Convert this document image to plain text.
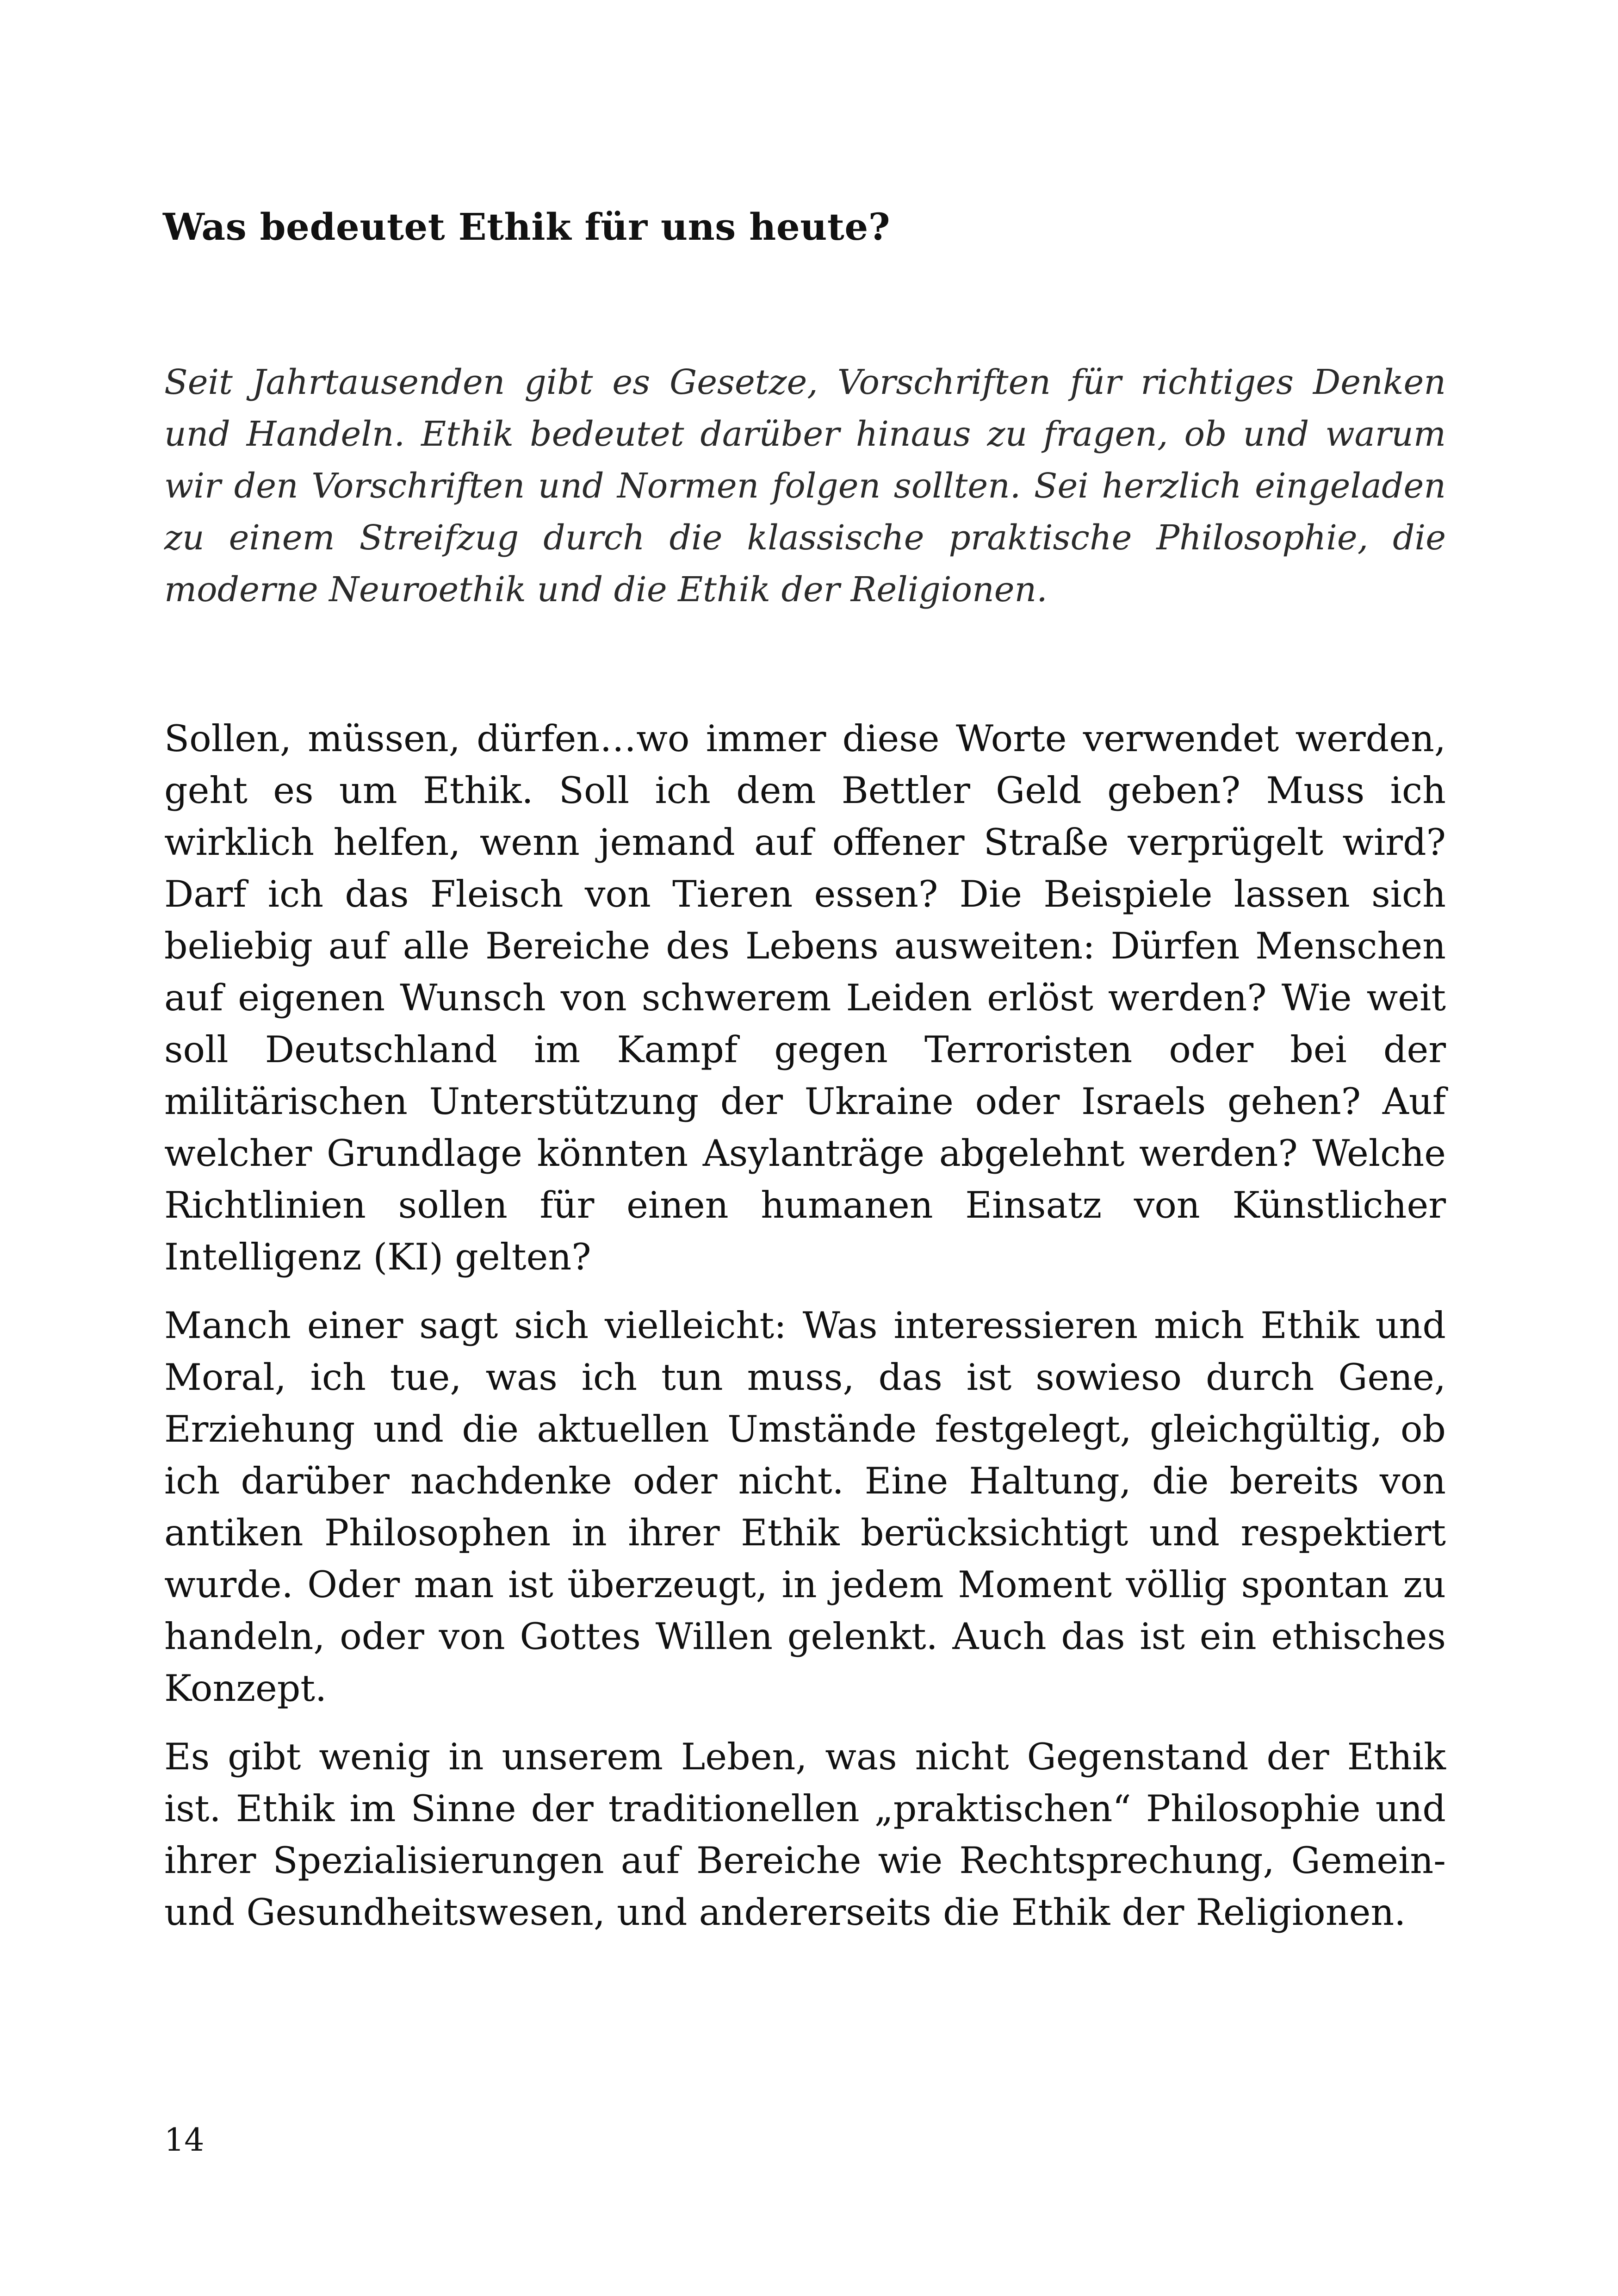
Was bedeutet Ethik für uns heute?

Seit Jahrtausenden gibt es Gesetze, Vorschriften für richtiges Denken und Handeln. Ethik bedeutet darüber hinaus zu fragen, ob und warum wir den Vorschriften und Normen folgen sollten. Sei herzlich eingeladen zu einem Streifzug durch die klassische praktische Philosophie, die moderne Neuroethik und die Ethik der Religionen.

Sollen, müssen, dürfen…wo immer diese Worte verwendet werden, geht es um Ethik. Soll ich dem Bettler Geld geben? Muss ich wirklich helfen, wenn jemand auf offener Straße verprügelt wird? Darf ich das Fleisch von Tieren essen? Die Beispiele lassen sich beliebig auf alle Bereiche des Lebens ausweiten: Dürfen Menschen auf eigenen Wunsch von schwerem Leiden erlöst werden? Wie weit soll Deutschland im Kampf gegen Terroristen oder bei der militärischen Unterstützung der Ukraine oder Israels gehen? Auf welcher Grundlage könnten Asylanträge abgelehnt werden? Welche Richtlinien sollen für einen humanen Einsatz von Künstlicher Intelligenz (KI) gelten?

Manch einer sagt sich vielleicht: Was interessieren mich Ethik und Moral, ich tue, was ich tun muss, das ist sowieso durch Gene, Erziehung und die aktuellen Umstände festgelegt, gleichgültig, ob ich darüber nachdenke oder nicht. Eine Haltung, die bereits von antiken Philosophen in ihrer Ethik berücksichtigt und respektiert wurde. Oder man ist überzeugt, in jedem Moment völlig spontan zu handeln, oder von Gottes Willen gelenkt. Auch das ist ein ethisches Konzept.

Es gibt wenig in unserem Leben, was nicht Gegenstand der Ethik ist. Ethik im Sinne der traditionellen „praktischen“ Philosophie und ihrer Spezialisierungen auf Bereiche wie Rechtsprechung, Gemein- und Gesundheitswesen, und andererseits die Ethik der Religionen.

14
